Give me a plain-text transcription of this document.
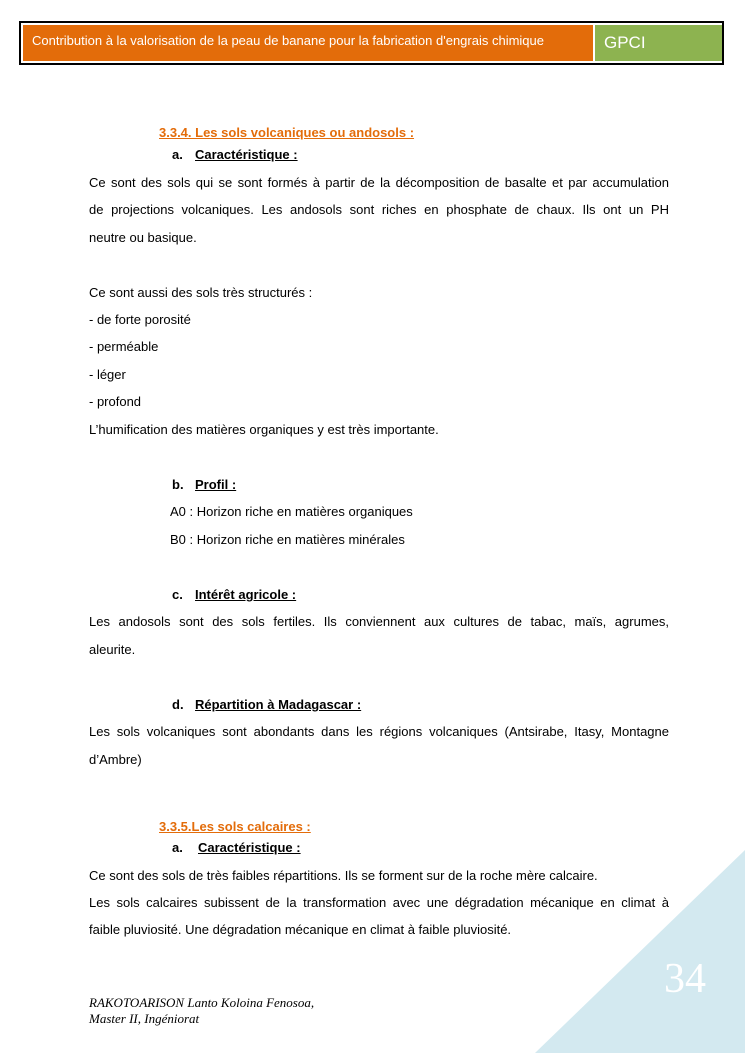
Contribution à la valorisation de la peau de banane pour la fabrication d'engrais chimique	GPCI
3.3.4. Les sols volcaniques ou andosols :
a. Caractéristique :
Ce sont des sols qui se sont formés à partir de la décomposition de basalte et par accumulation
de projections volcaniques. Les andosols sont riches en phosphate de chaux. Ils ont un PH
neutre ou basique.
Ce sont aussi des sols très structurés :
- de forte porosité
- perméable
- léger
- profond
L’humification des matières organiques y est très importante.
b. Profil :
A0 : Horizon riche en matières organiques
B0 : Horizon riche en matières minérales
c. Intérêt agricole :
Les andosols sont des sols fertiles. Ils conviennent aux cultures de tabac, maïs, agrumes,
aleurite.
d. Répartition à Madagascar :
Les sols volcaniques sont abondants dans les régions volcaniques (Antsirabe, Itasy, Montagne
d’Ambre)
3.3.5.Les sols calcaires :
a. Caractéristique :
Ce sont des sols de très faibles répartitions. Ils se forment sur de la roche mère calcaire.
Les sols calcaires subissent de la transformation avec une dégradation mécanique en climat à
faible pluviosité. Une dégradation mécanique en climat à faible pluviosité.
RAKOTOARISON Lanto Koloina Fenosoa,
Master II, Ingéniorat
34
